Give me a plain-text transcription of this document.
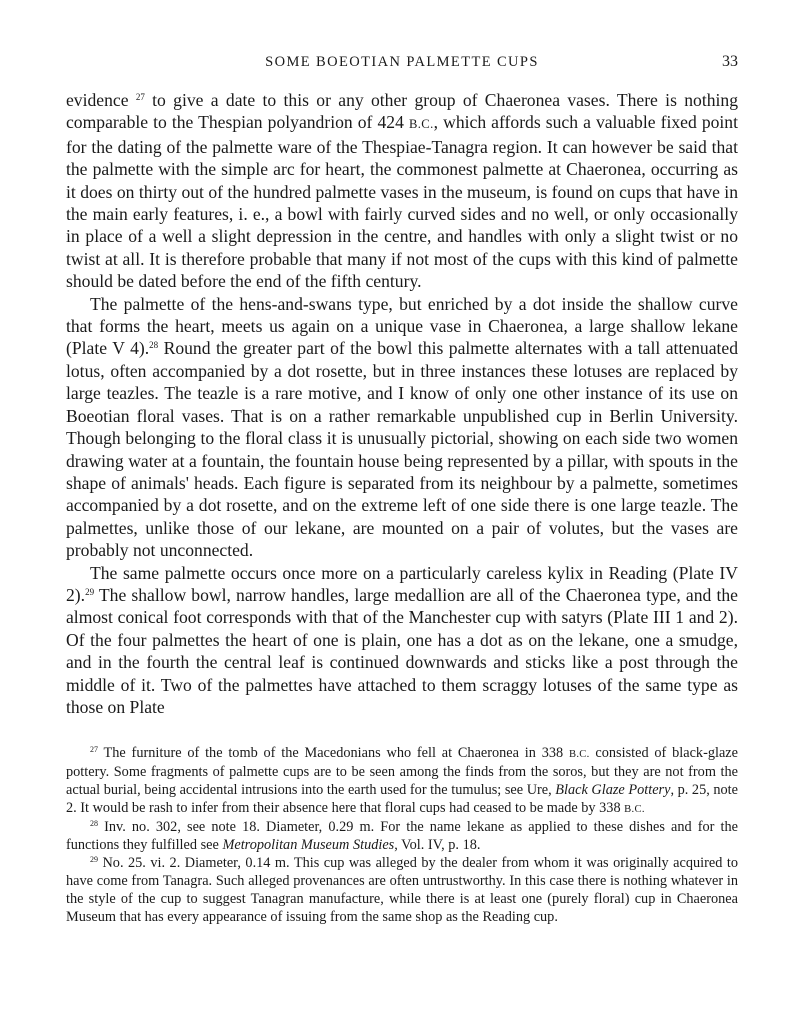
SOME BOEOTIAN PALMETTE CUPS	33

evidence $^{27}$ to give a date to this or any other group of Chaeronea vases. There is nothing comparable to the Thespian polyandrion of 424 B.C., which affords such a valuable fixed point for the dating of the palmette ware of the Thespiae-Tanagra region. It can however be said that the palmette with the simple arc for heart, the commonest palmette at Chaeronea, occurring as it does on thirty out of the hundred palmette vases in the museum, is found on cups that have in the main early features, i. e., a bowl with fairly curved sides and no well, or only occasionally in place of a well a slight depression in the centre, and handles with only a slight twist or no twist at all. It is therefore probable that many if not most of the cups with this kind of palmette should be dated before the end of the fifth century.

The palmette of the hens-and-swans type, but enriched by a dot inside the shallow curve that forms the heart, meets us again on a unique vase in Chaeronea, a large shallow lekane (Plate V 4).$^{28}$ Round the greater part of the bowl this palmette alternates with a tall attenuated lotus, often accompanied by a dot rosette, but in three instances these lotuses are replaced by large teazles. The teazle is a rare motive, and I know of only one other instance of its use on Boeotian floral vases. That is on a rather remarkable unpublished cup in Berlin University. Though belonging to the floral class it is unusually pictorial, showing on each side two women drawing water at a fountain, the fountain house being represented by a pillar, with spouts in the shape of animals' heads. Each figure is separated from its neighbour by a palmette, sometimes accompanied by a dot rosette, and on the extreme left of one side there is one large teazle. The palmettes, unlike those of our lekane, are mounted on a pair of volutes, but the vases are probably not unconnected.

The same palmette occurs once more on a particularly careless kylix in Reading (Plate IV 2).$^{29}$ The shallow bowl, narrow handles, large medallion are all of the Chaeronea type, and the almost conical foot corresponds with that of the Manchester cup with satyrs (Plate III 1 and 2). Of the four palmettes the heart of one is plain, one has a dot as on the lekane, one a smudge, and in the fourth the central leaf is continued downwards and sticks like a post through the middle of it. Two of the palmettes have attached to them scraggy lotuses of the same type as those on Plate

$^{27}$ The furniture of the tomb of the Macedonians who fell at Chaeronea in 338 B.C. consisted of black-glaze pottery. Some fragments of palmette cups are to be seen among the finds from the soros, but they are not from the actual burial, being accidental intrusions into the earth used for the tumulus; see Ure, Black Glaze Pottery, p. 25, note 2. It would be rash to infer from their absence here that floral cups had ceased to be made by 338 B.C.

$^{28}$ Inv. no. 302, see note 18. Diameter, 0.29 m. For the name lekane as applied to these dishes and for the functions they fulfilled see Metropolitan Museum Studies, Vol. IV, p. 18.

$^{29}$ No. 25. vi. 2. Diameter, 0.14 m. This cup was alleged by the dealer from whom it was originally acquired to have come from Tanagra. Such alleged provenances are often untrustworthy. In this case there is nothing whatever in the style of the cup to suggest Tanagran manufacture, while there is at least one (purely floral) cup in Chaeronea Museum that has every appearance of issuing from the same shop as the Reading cup.
